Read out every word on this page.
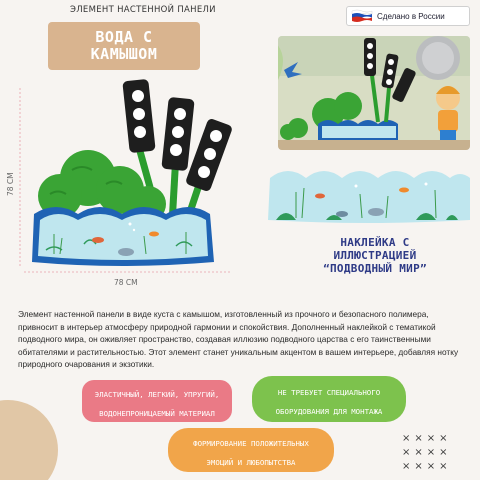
ЭЛЕМЕНТ НАСТЕННОЙ ПАНЕЛИ
ВОДА С
КАМЫШОМ
Сделано в России
78 СМ
78 СМ
НАКЛЕЙКА С
ИЛЛЮСТРАЦИЕЙ
“ПОДВОДНЫЙ МИР”
Элемент настенной панели в виде куста с камышом, изготовленный из прочного и безопасного полимера, привносит в интерьер атмосферу природной гармонии и спокойствия. Дополненный наклейкой с тематикой подводного мира, он оживляет пространство, создавая иллюзию подводного царства с его таинственными обитателями и растительностью. Этот элемент станет уникальным акцентом в вашем интерьере, добавляя нотку природного очарования и экзотики.
ЭЛАСТИЧНЫЙ, ЛЕГКИЙ, УПРУГИЙ,
ВОДОНЕПРОНИЦАЕМЫЙ МАТЕРИАЛ
НЕ ТРЕБУЕТ СПЕЦИАЛЬНОГО
ОБОРУДОВАНИЯ ДЛЯ МОНТАЖА
ФОРМИРОВАНИЕ ПОЛОЖИТЕЛЬНЫХ
ЭМОЦИЙ И ЛЮБОПЫТСТВА
××××
××××
××××
